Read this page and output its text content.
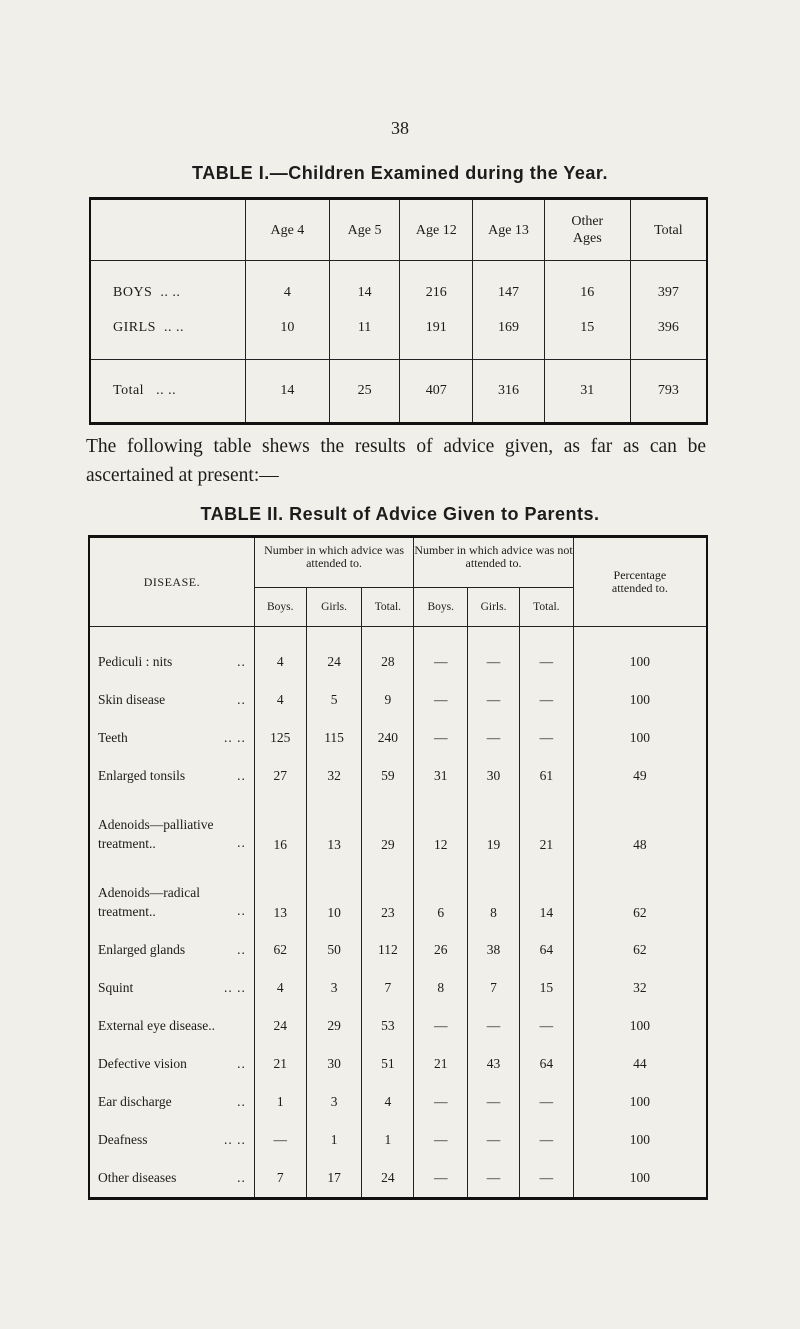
38
TABLE I.—Children Examined during the Year.
	Age 4	Age 5	Age 12	Age 13	Other Ages	Total
BOYS .. ..	4	14	216	147	16	397
GIRLS .. ..	10	11	191	169	15	396
Total .. ..	14	25	407	316	31	793
The following table shews the results of advice given, as far as can be ascertained at present:—
TABLE II. Result of Advice Given to Parents.
DISEASE.	Number in which advice was attended to.			Number in which advice was not attended to.			Percentage attended to.
	Boys.	Girls.	Total.	Boys.	Girls.	Total.	
Pediculi : nits ..	4	24	28	—	—	—	100
Skin disease ..	4	5	9	—	—	—	100
Teeth .. ..	125	115	240	—	—	—	100
Enlarged tonsils ..	27	32	59	31	30	61	49
Adenoids—palliative
treatment.. ..	16	13	29	12	19	21	48
Adenoids—radical
treatment.. ..	13	10	23	6	8	14	62
Enlarged glands ..	62	50	112	26	38	64	62
Squint .. ..	4	3	7	8	7	15	32
External eye disease..	24	29	53	—	—	—	100
Defective vision ..	21	30	51	21	43	64	44
Ear discharge ..	1	3	4	—	—	—	100
Deafness .. ..	—	1	1	—	—	—	100
Other diseases ..	7	17	24	—	—	—	100
